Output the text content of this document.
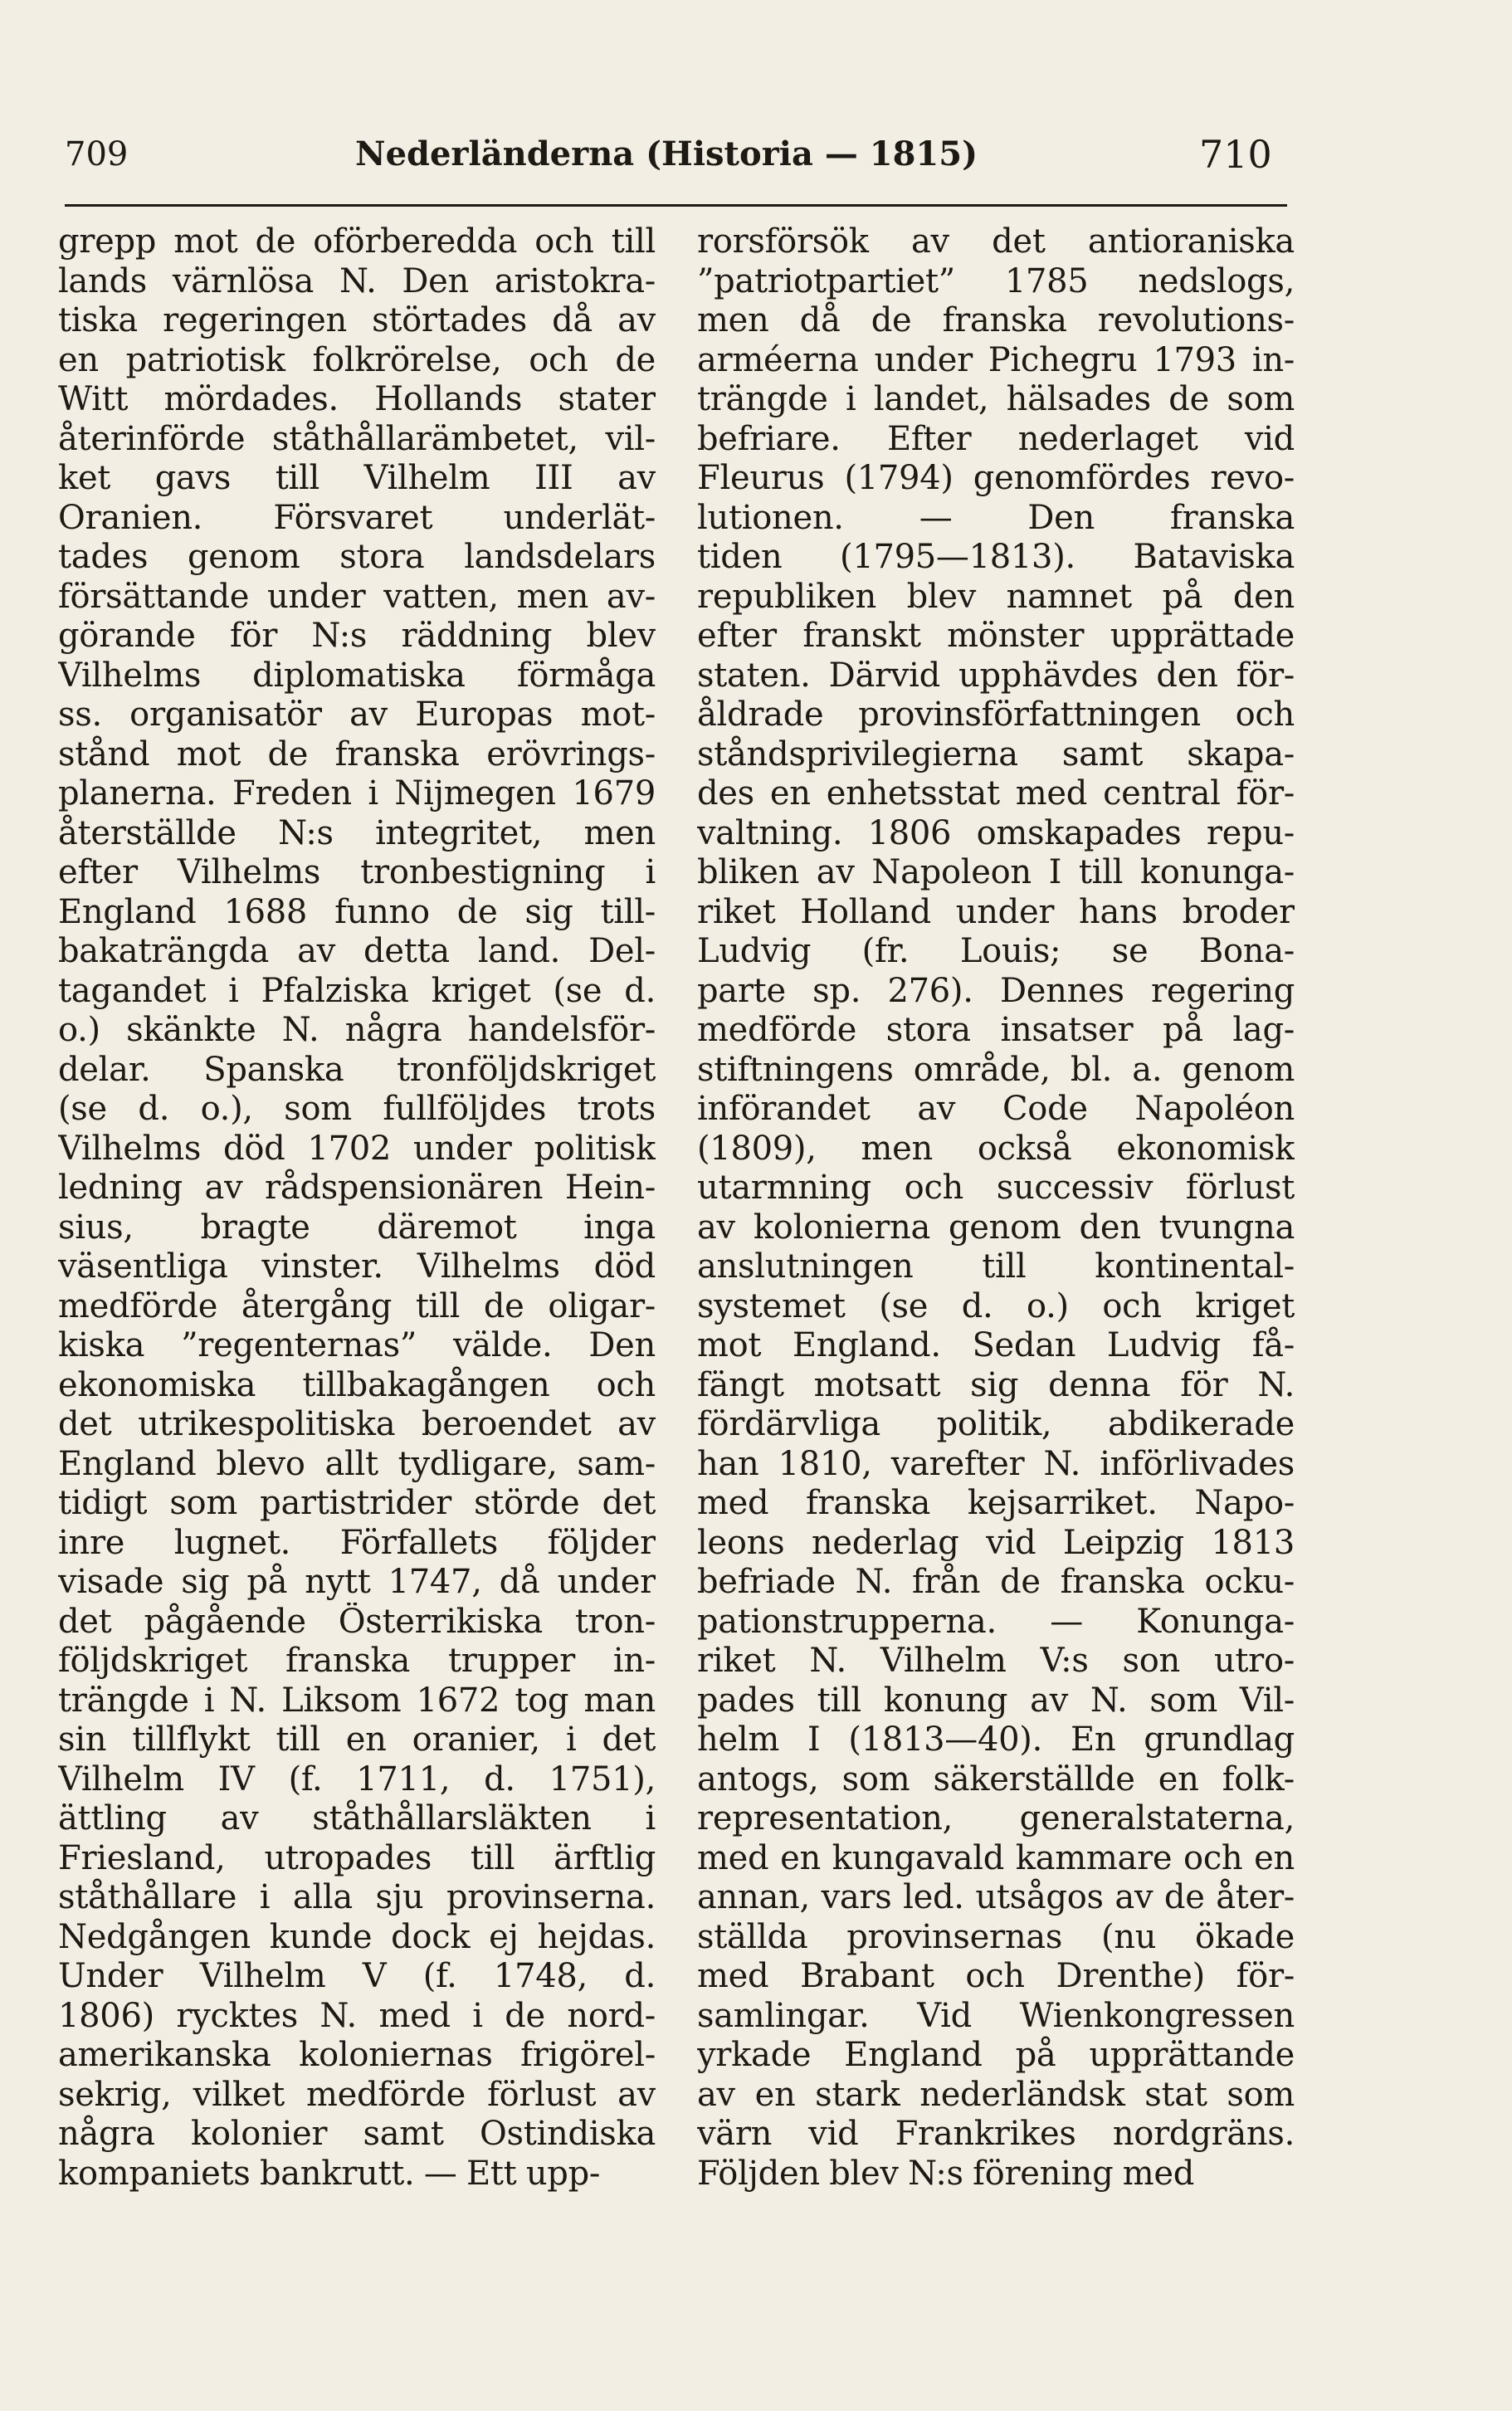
709	Nederländerna (Historia — 1815)	710
grepp mot de oförberedda och till
lands värnlösa N. Den aristokra-
tiska regeringen störtades då av
en patriotisk folkrörelse, och de
Witt mördades. Hollands stater
återinförde ståthållarämbetet, vil-
ket gavs till Vilhelm III av
Oranien. Försvaret underlät-
tades genom stora landsdelars
försättande under vatten, men av-
görande för N:s räddning blev
Vilhelms diplomatiska förmåga
ss. organisatör av Europas mot-
stånd mot de franska erövrings-
planerna. Freden i Nijmegen 1679
återställde N:s integritet, men
efter Vilhelms tronbestigning i
England 1688 funno de sig till-
bakaträngda av detta land. Del-
tagandet i Pfalziska kriget (se d.
o.) skänkte N. några handelsför-
delar. Spanska tronföljdskriget
(se d. o.), som fullföljdes trots
Vilhelms död 1702 under politisk
ledning av rådspensionären Hein-
sius, bragte däremot inga
väsentliga vinster. Vilhelms död
medförde återgång till de oligar-
kiska ”regenternas” välde. Den
ekonomiska tillbakagången och
det utrikespolitiska beroendet av
England blevo allt tydligare, sam-
tidigt som partistrider störde det
inre lugnet. Förfallets följder
visade sig på nytt 1747, då under
det pågående Österrikiska tron-
följdskriget franska trupper in-
trängde i N. Liksom 1672 tog man
sin tillflykt till en oranier, i det
Vilhelm IV (f. 1711, d. 1751),
ättling av ståthållarsläkten i
Friesland, utropades till ärftlig
ståthållare i alla sju provinserna.
Nedgången kunde dock ej hejdas.
Under Vilhelm V (f. 1748, d.
1806) rycktes N. med i de nord-
amerikanska koloniernas frigörel-
sekrig, vilket medförde förlust av
några kolonier samt Ostindiska
kompaniets bankrutt. — Ett upp-
rorsförsök av det antioraniska
”patriotpartiet” 1785 nedslogs,
men då de franska revolutions-
arméerna under Pichegru 1793 in-
trängde i landet, hälsades de som
befriare. Efter nederlaget vid
Fleurus (1794) genomfördes revo-
lutionen. — Den franska
tiden (1795—1813). Bataviska
republiken blev namnet på den
efter franskt mönster upprättade
staten. Därvid upphävdes den för-
åldrade provinsförfattningen och
ståndsprivilegierna samt skapa-
des en enhetsstat med central för-
valtning. 1806 omskapades repu-
bliken av Napoleon I till konunga-
riket Holland under hans broder
Ludvig (fr. Louis; se Bona-
parte sp. 276). Dennes regering
medförde stora insatser på lag-
stiftningens område, bl. a. genom
införandet av Code Napoléon
(1809), men också ekonomisk
utarmning och successiv förlust
av kolonierna genom den tvungna
anslutningen till kontinental-
systemet (se d. o.) och kriget
mot England. Sedan Ludvig få-
fängt motsatt sig denna för N.
fördärvliga politik, abdikerade
han 1810, varefter N. införlivades
med franska kejsarriket. Napo-
leons nederlag vid Leipzig 1813
befriade N. från de franska ocku-
pationstrupperna. — Konunga-
riket N. Vilhelm V:s son utro-
pades till konung av N. som Vil-
helm I (1813—40). En grundlag
antogs, som säkerställde en folk-
representation, generalstaterna,
med en kungavald kammare och en
annan, vars led. utsågos av de åter-
ställda provinsernas (nu ökade
med Brabant och Drenthe) för-
samlingar. Vid Wienkongressen
yrkade England på upprättande
av en stark nederländsk stat som
värn vid Frankrikes nordgräns.
Följden blev N:s förening med
